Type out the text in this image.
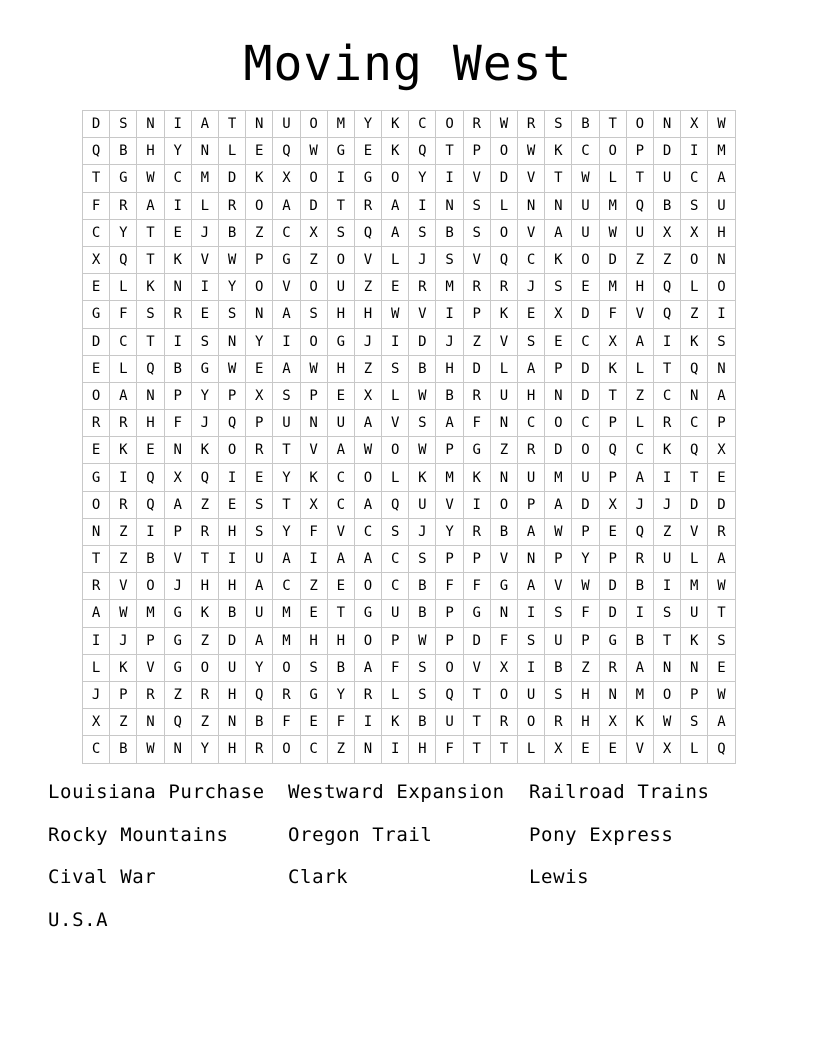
Moving West
D	S	N	I	A	T	N	U	O	M	Y	K	C	O	R	W	R	S	B	T	O	N	X	W
Q	B	H	Y	N	L	E	Q	W	G	E	K	Q	T	P	O	W	K	C	O	P	D	I	M
T	G	W	C	M	D	K	X	O	I	G	O	Y	I	V	D	V	T	W	L	T	U	C	A
F	R	A	I	L	R	O	A	D	T	R	A	I	N	S	L	N	N	U	M	Q	B	S	U
C	Y	T	E	J	B	Z	C	X	S	Q	A	S	B	S	O	V	A	U	W	U	X	X	H
X	Q	T	K	V	W	P	G	Z	O	V	L	J	S	V	Q	C	K	O	D	Z	Z	O	N
E	L	K	N	I	Y	O	V	O	U	Z	E	R	M	R	R	J	S	E	M	H	Q	L	O
G	F	S	R	E	S	N	A	S	H	H	W	V	I	P	K	E	X	D	F	V	Q	Z	I
D	C	T	I	S	N	Y	I	O	G	J	I	D	J	Z	V	S	E	C	X	A	I	K	S
E	L	Q	B	G	W	E	A	W	H	Z	S	B	H	D	L	A	P	D	K	L	T	Q	N
O	A	N	P	Y	P	X	S	P	E	X	L	W	B	R	U	H	N	D	T	Z	C	N	A
R	R	H	F	J	Q	P	U	N	U	A	V	S	A	F	N	C	O	C	P	L	R	C	P
E	K	E	N	K	O	R	T	V	A	W	O	W	P	G	Z	R	D	O	Q	C	K	Q	X
G	I	Q	X	Q	I	E	Y	K	C	O	L	K	M	K	N	U	M	U	P	A	I	T	E
O	R	Q	A	Z	E	S	T	X	C	A	Q	U	V	I	O	P	A	D	X	J	J	D	D
N	Z	I	P	R	H	S	Y	F	V	C	S	J	Y	R	B	A	W	P	E	Q	Z	V	R
T	Z	B	V	T	I	U	A	I	A	A	C	S	P	P	V	N	P	Y	P	R	U	L	A
R	V	O	J	H	H	A	C	Z	E	O	C	B	F	F	G	A	V	W	D	B	I	M	W
A	W	M	G	K	B	U	M	E	T	G	U	B	P	G	N	I	S	F	D	I	S	U	T
I	J	P	G	Z	D	A	M	H	H	O	P	W	P	D	F	S	U	P	G	B	T	K	S
L	K	V	G	O	U	Y	O	S	B	A	F	S	O	V	X	I	B	Z	R	A	N	N	E
J	P	R	Z	R	H	Q	R	G	Y	R	L	S	Q	T	O	U	S	H	N	M	O	P	W
X	Z	N	Q	Z	N	B	F	E	F	I	K	B	U	T	R	O	R	H	X	K	W	S	A
C	B	W	N	Y	H	R	O	C	Z	N	I	H	F	T	T	L	X	E	E	V	X	L	Q
Louisiana Purchase	Westward Expansion	Railroad Trains
Rocky Mountains	Oregon Trail	Pony Express
Cival War	Clark	Lewis
U.S.A
